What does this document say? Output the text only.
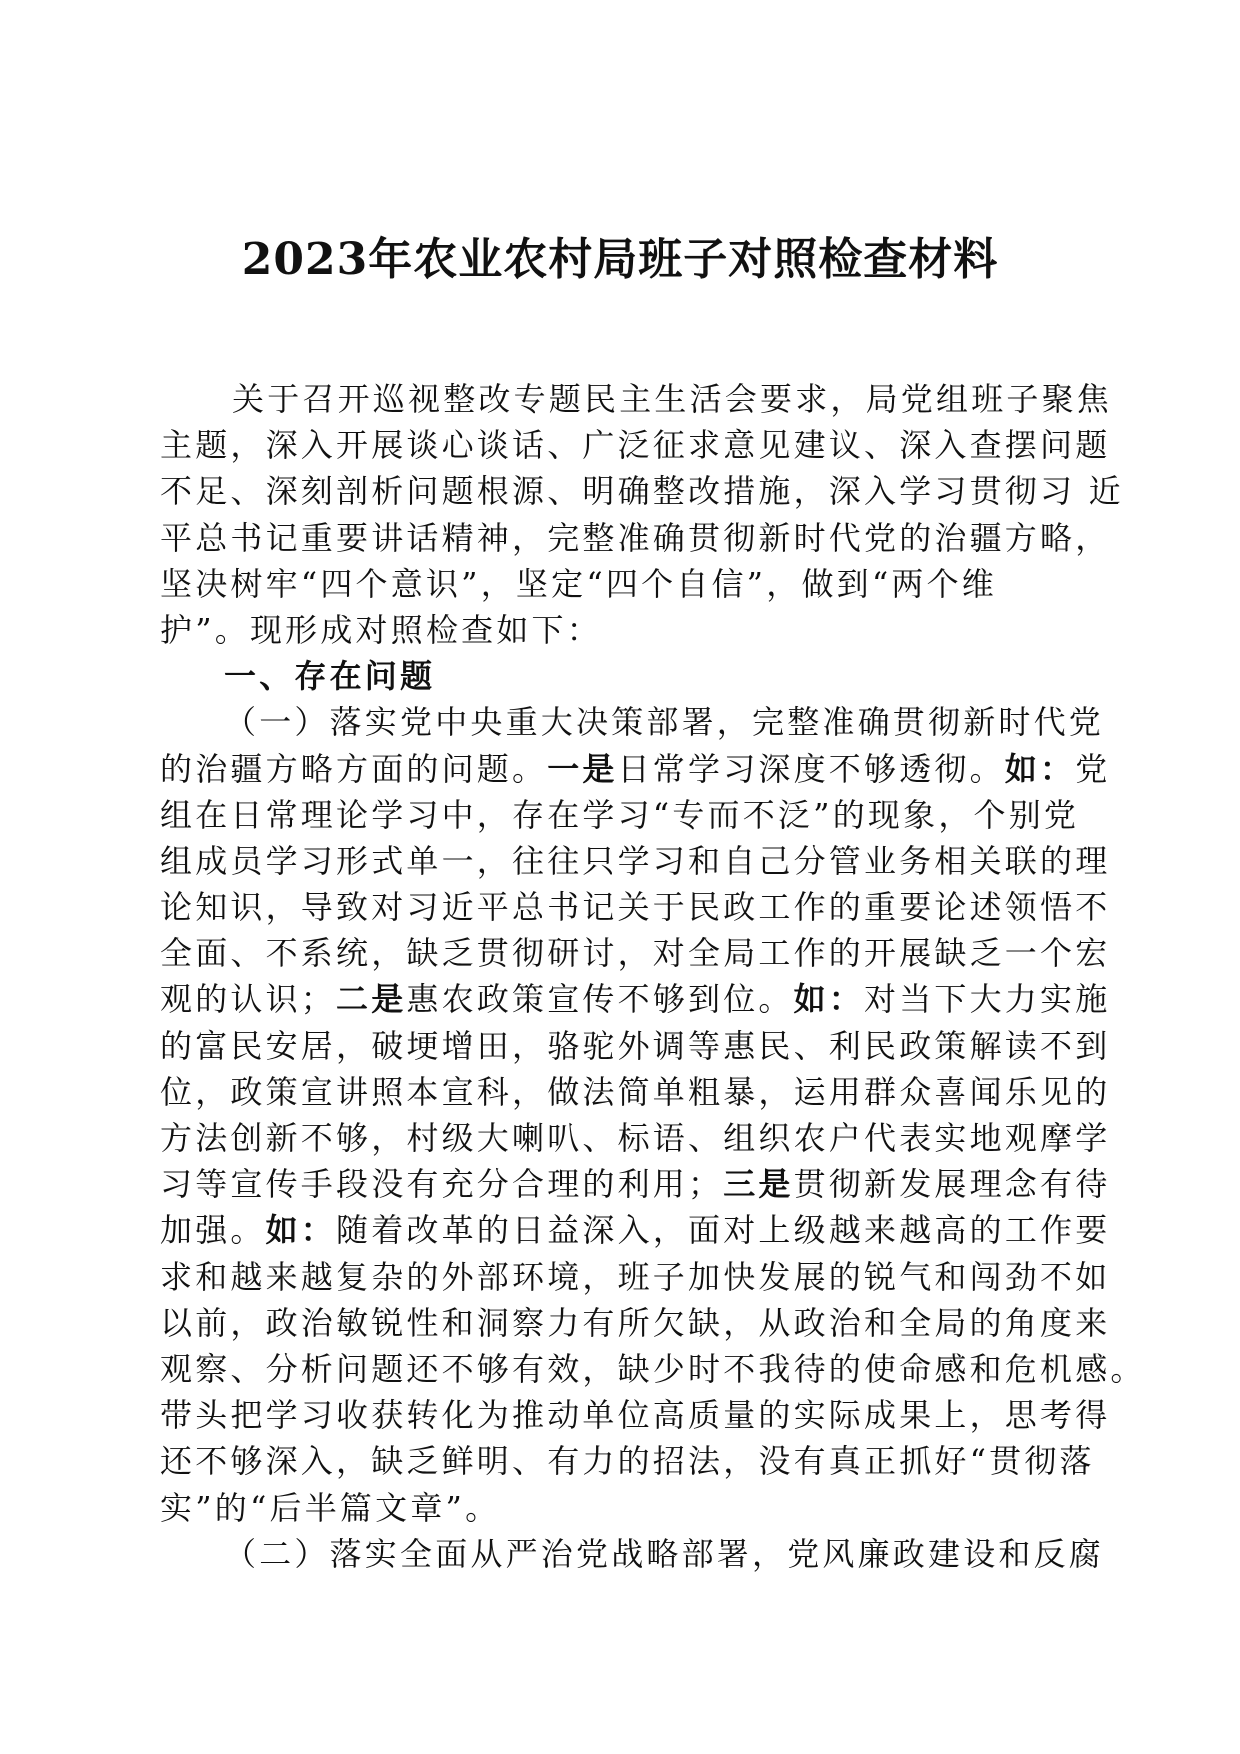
2023年农业农村局班子对照检查材料
关于召开巡视整改专题民主生活会要求，局党组班子聚焦
主题，深入开展谈心谈话、广泛征求意见建议、深入查摆问题
不足、深刻剖析问题根源、明确整改措施，深入学习贯彻习 近
平总书记重要讲话精神，完整准确贯彻新时代党的治疆方略，
坚决树牢“四个意识”，坚定“四个自信”，做到“两个维
护”。现形成对照检查如下：
一、存在问题
（一）落实党中央重大决策部署，完整准确贯彻新时代党
的治疆方略方面的问题。一是日常学习深度不够透彻。如：党
组在日常理论学习中，存在学习“专而不泛”的现象，个别党
组成员学习形式单一，往往只学习和自己分管业务相关联的理
论知识，导致对习近平总书记关于民政工作的重要论述领悟不
全面、不系统，缺乏贯彻研讨，对全局工作的开展缺乏一个宏
观的认识；二是惠农政策宣传不够到位。如：对当下大力实施
的富民安居，破埂增田，骆驼外调等惠民、利民政策解读不到
位，政策宣讲照本宣科，做法简单粗暴，运用群众喜闻乐见的
方法创新不够，村级大喇叭、标语、组织农户代表实地观摩学
习等宣传手段没有充分合理的利用；三是贯彻新发展理念有待
加强。如：随着改革的日益深入，面对上级越来越高的工作要
求和越来越复杂的外部环境，班子加快发展的锐气和闯劲不如
以前，政治敏锐性和洞察力有所欠缺，从政治和全局的角度来
观察、分析问题还不够有效，缺少时不我待的使命感和危机感。
带头把学习收获转化为推动单位高质量的实际成果上，思考得
还不够深入，缺乏鲜明、有力的招法，没有真正抓好“贯彻落
实”的“后半篇文章”。
（二）落实全面从严治党战略部署，党风廉政建设和反腐
